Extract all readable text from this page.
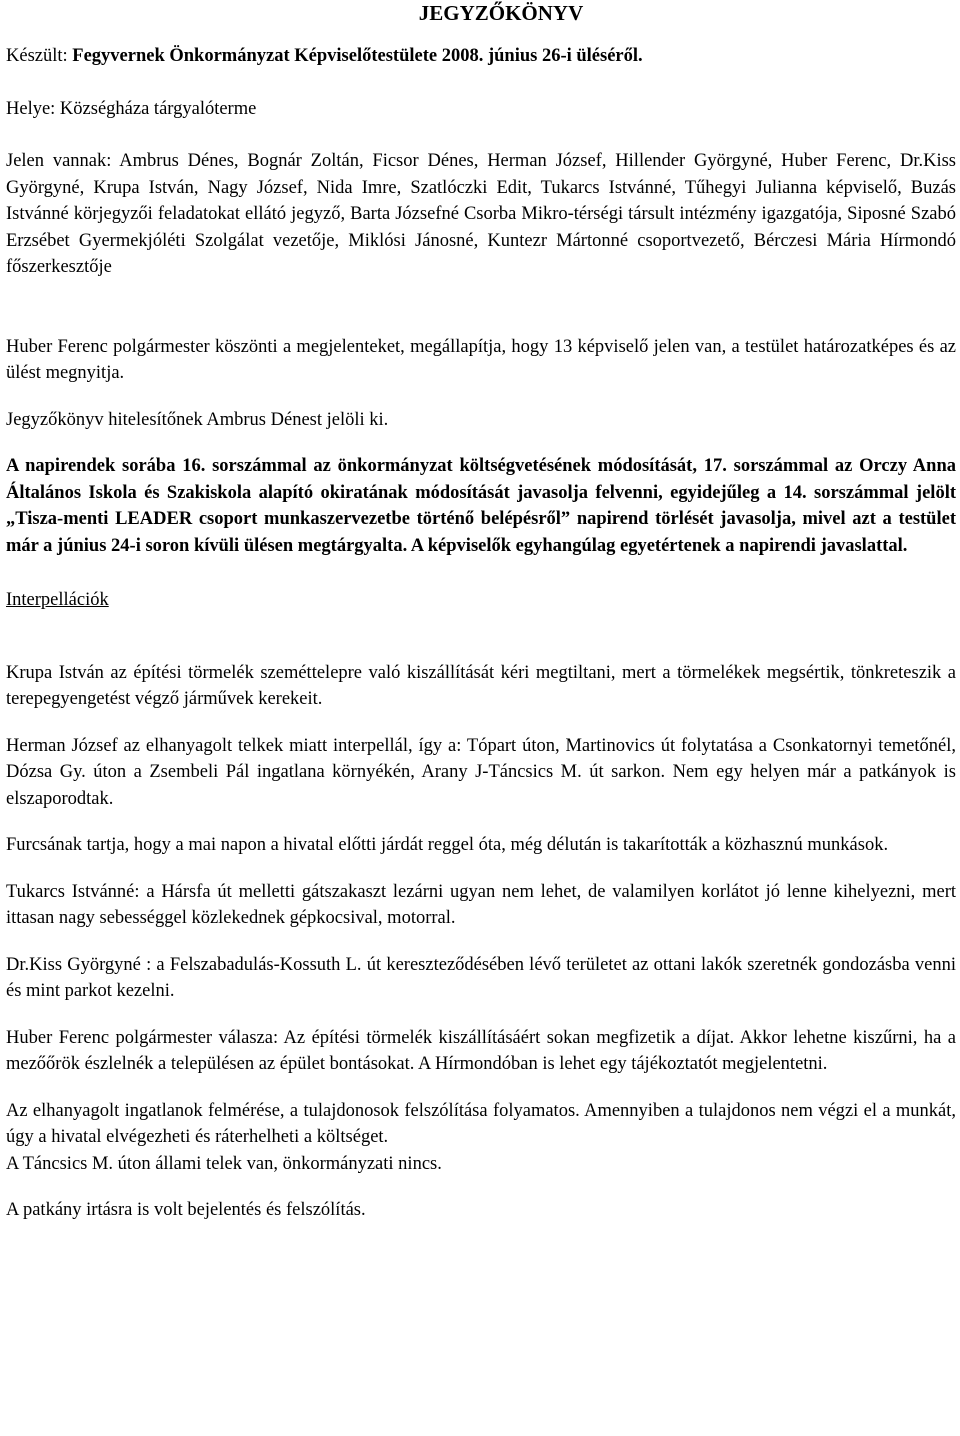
JEGYZŐKÖNYV

Készült: Fegyvernek Önkormányzat Képviselőtestülete 2008. június 26-i üléséről.

Helye: Községháza tárgyalóterme

Jelen vannak: Ambrus Dénes, Bognár Zoltán, Ficsor Dénes, Herman József, Hillender Györgyné, Huber Ferenc, Dr.Kiss Györgyné, Krupa István, Nagy József, Nida Imre, Szatlóczki Edit, Tukarcs Istvánné, Tűhegyi Julianna képviselő, Buzás Istvánné körjegyzői feladatokat ellátó jegyző, Barta Józsefné Csorba Mikro-térségi társult intézmény igazgatója, Siposné Szabó Erzsébet Gyermekjóléti Szolgálat vezetője, Miklósi Jánosné, Kuntezr Mártonné csoportvezető, Bérczesi Mária Hírmondó főszerkesztője

Huber Ferenc polgármester köszönti a megjelenteket, megállapítja, hogy 13 képviselő jelen van, a testület határozatképes és az ülést megnyitja.

Jegyzőkönyv hitelesítőnek Ambrus Dénest jelöli ki.

A napirendek sorába 16. sorszámmal az önkormányzat költségvetésének módosítását, 17. sorszámmal az Orczy Anna Általános Iskola és Szakiskola alapító okiratának módosítását javasolja felvenni, egyidejűleg a 14. sorszámmal jelölt „Tisza-menti LEADER csoport munkaszervezetbe történő belépésről” napirend törlését javasolja, mivel azt a testület már a június 24-i soron kívüli ülésen megtárgyalta. A képviselők egyhangúlag egyetértenek a napirendi javaslattal.

Interpellációk

Krupa István az építési törmelék szeméttelepre való kiszállítását kéri megtiltani, mert a törmelékek megsértik, tönkreteszik a terepegyengetést végző járművek kerekeit.

Herman József az elhanyagolt telkek miatt interpellál, így a: Tópart úton, Martinovics út folytatása a Csonkatornyi temetőnél, Dózsa Gy. úton a Zsembeli Pál ingatlana környékén, Arany J-Táncsics M. út sarkon. Nem egy helyen már a patkányok is elszaporodtak.

Furcsának tartja, hogy a mai napon a hivatal előtti járdát reggel óta, még délután is takarították a közhasznú munkások.

Tukarcs Istvánné: a Hársfa út melletti gátszakaszt lezárni ugyan nem lehet, de valamilyen korlátot jó lenne kihelyezni, mert ittasan nagy sebességgel közlekednek gépkocsival, motorral.

Dr.Kiss Györgyné : a Felszabadulás-Kossuth L. út kereszteződésében lévő területet az ottani lakók szeretnék gondozásba venni és mint parkot kezelni.

Huber Ferenc polgármester válasza: Az építési törmelék kiszállításáért sokan megfizetik a díjat. Akkor lehetne kiszűrni, ha a mezőőrök észlelnék a településen az épület bontásokat. A Hírmondóban is lehet egy tájékoztatót megjelentetni.

Az elhanyagolt ingatlanok felmérése, a tulajdonosok felszólítása folyamatos. Amennyiben a tulajdonos nem végzi el a munkát, úgy a hivatal elvégezheti és ráterhelheti a költséget.

A Táncsics M. úton állami telek van, önkormányzati nincs.

A patkány irtásra is volt bejelentés és felszólítás.
